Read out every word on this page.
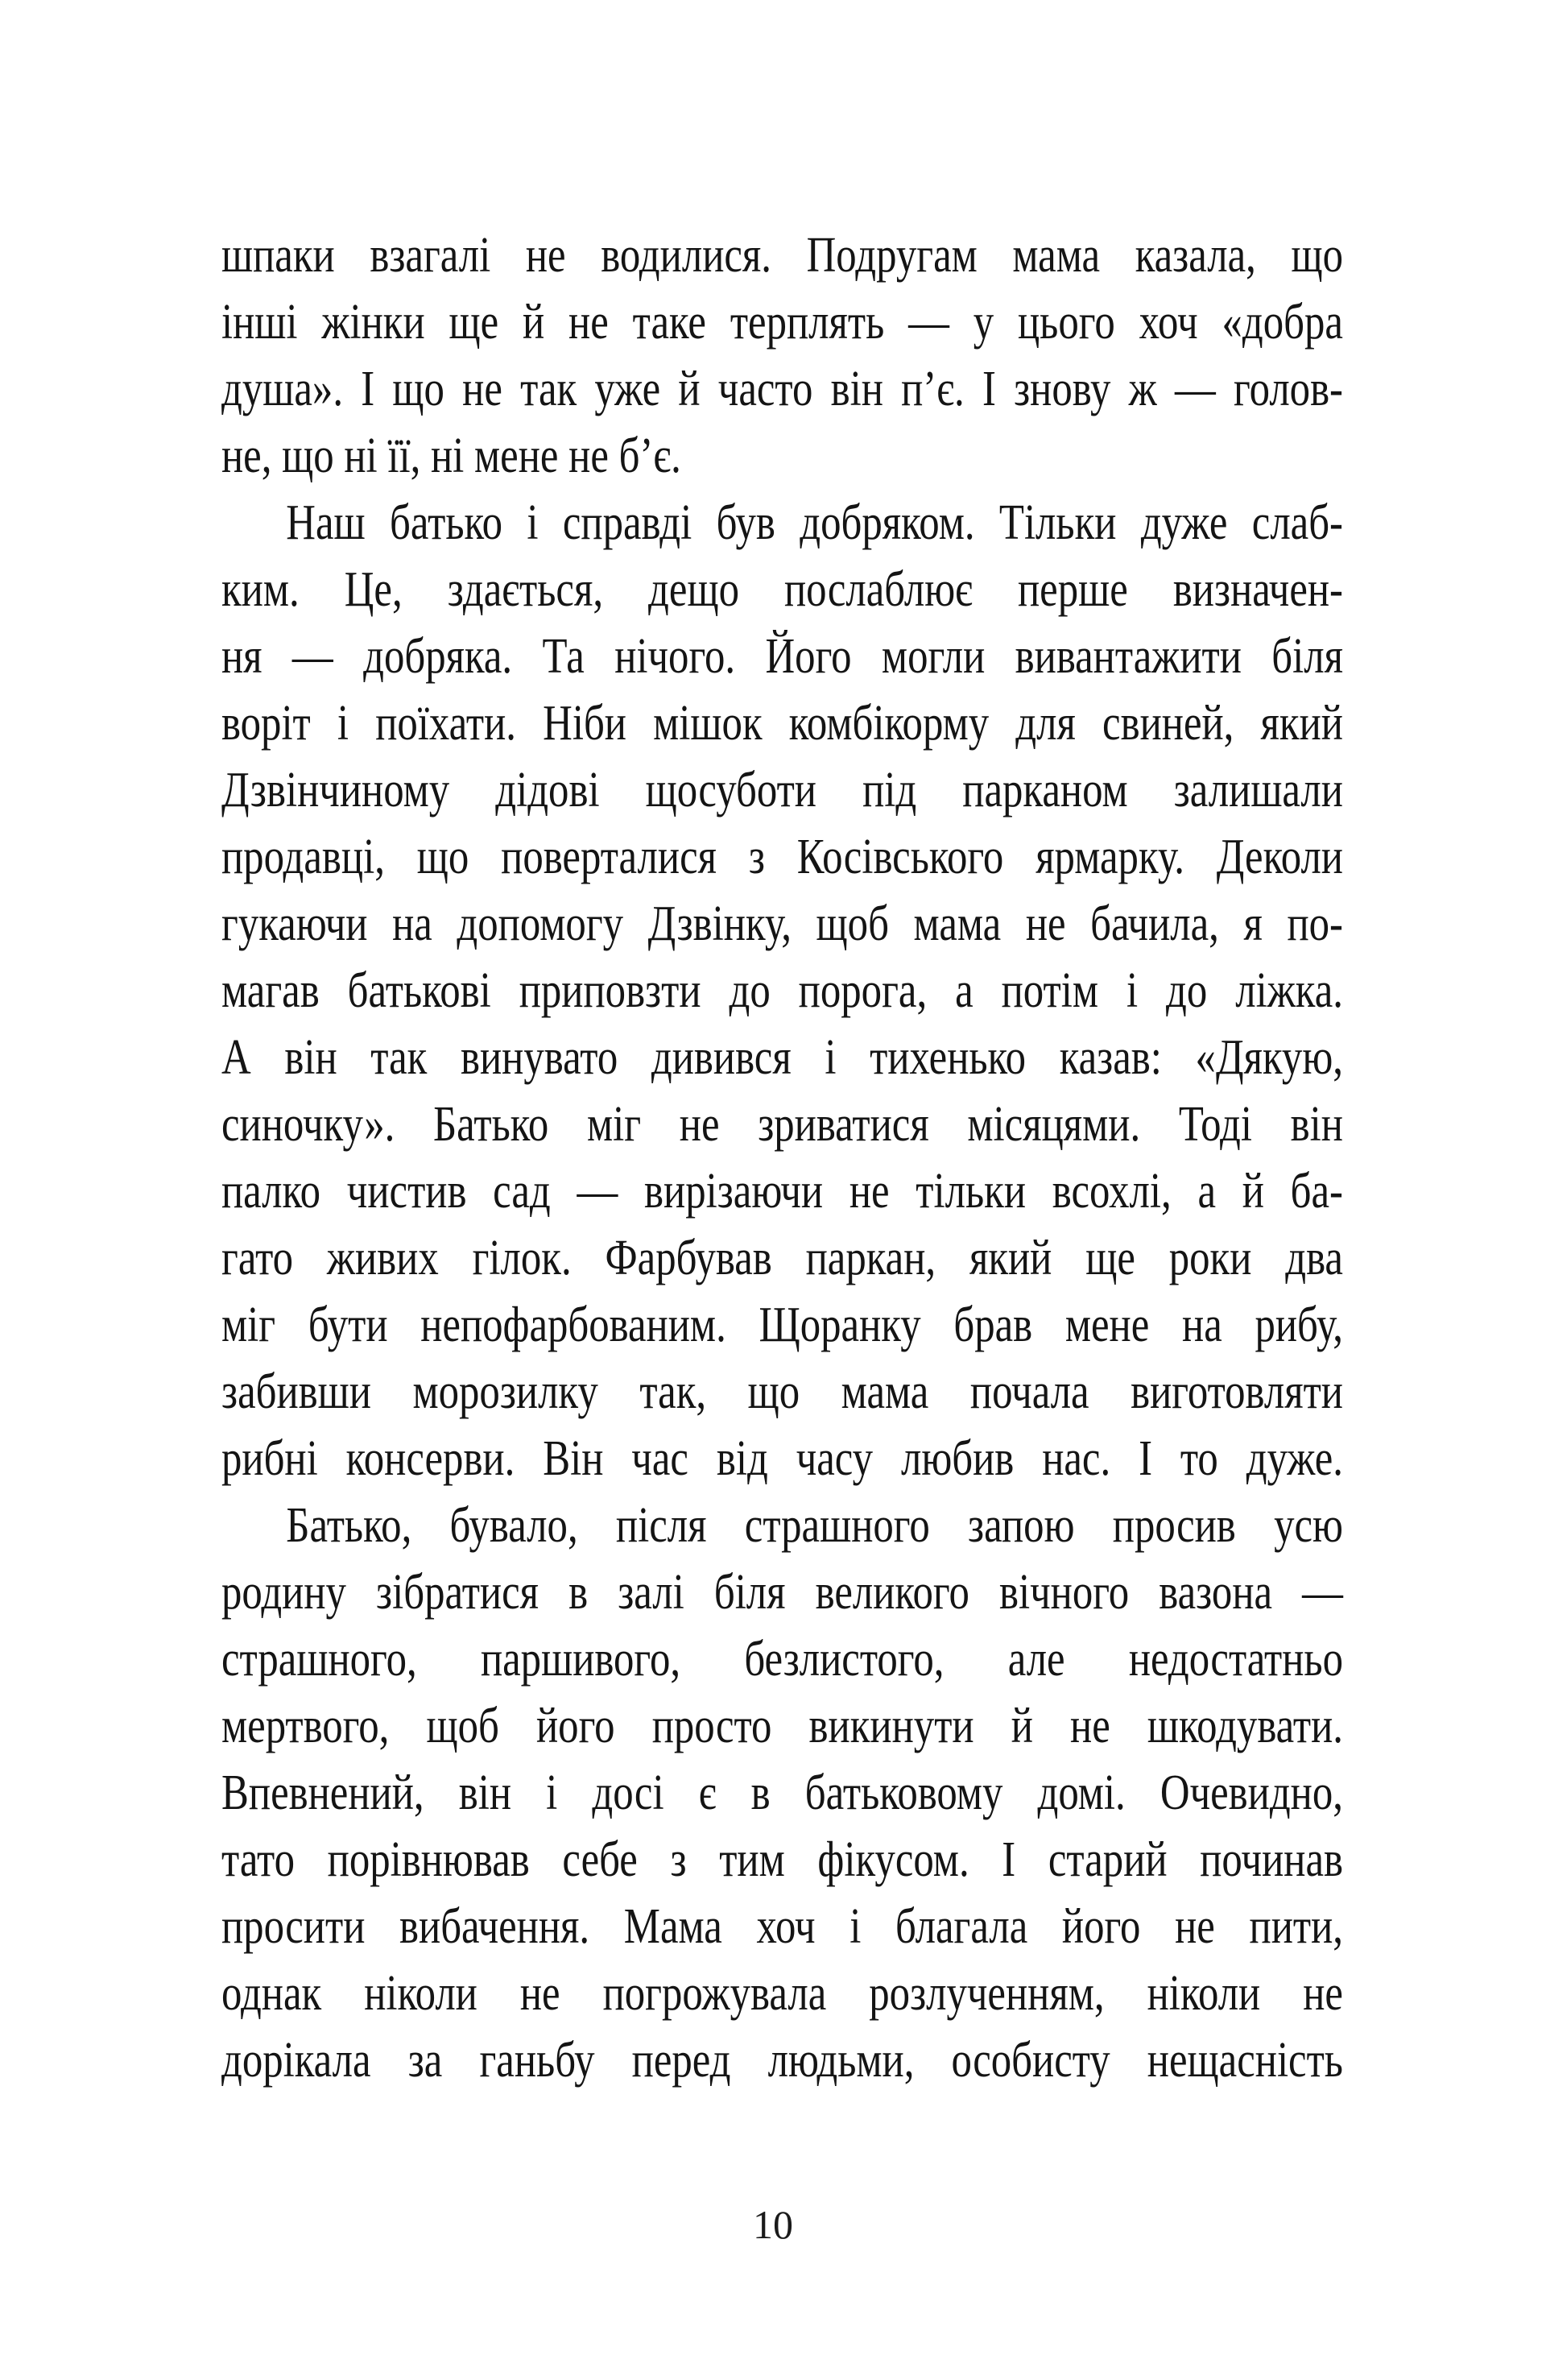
шпаки взагалі не водилися. Подругам мама казала, що
інші жінки ще й не таке терплять — у цього хоч «добра
душа». І що не так уже й часто він п’є. І знову ж — голов-
не, що ні її, ні мене не б’є.
Наш батько і справді був добряком. Тільки дуже слаб-
ким. Це, здається, дещо послаблює перше визначен-
ня — добряка. Та нічого. Його могли вивантажити біля
воріт і поїхати. Ніби мішок комбікорму для свиней, який
Дзвінчиному дідові щосуботи під парканом залишали
продавці, що поверталися з Косівського ярмарку. Деколи
гукаючи на допомогу Дзвінку, щоб мама не бачила, я по-
магав батькові приповзти до порога, а потім і до ліжка.
А він так винувато дивився і тихенько казав: «Дякую,
синочку». Батько міг не зриватися місяцями. Тоді він
палко чистив сад — вирізаючи не тільки всохлі, а й ба-
гато живих гілок. Фарбував паркан, який ще роки два
міг бути непофарбованим. Щоранку брав мене на рибу,
забивши морозилку так, що мама почала виготовляти
рибні консерви. Він час від часу любив нас. І то дуже.
Батько, бувало, після страшного запою просив усю
родину зібратися в залі біля великого вічного вазона —
страшного, паршивого, безлистого, але недостатньо
мертвого, щоб його просто викинути й не шкодувати.
Впевнений, він і досі є в батьковому домі. Очевидно,
тато порівнював себе з тим фікусом. І старий починав
просити вибачення. Мама хоч і благала його не пити,
однак ніколи не погрожувала розлученням, ніколи не
дорікала за ганьбу перед людьми, особисту нещасність
10
